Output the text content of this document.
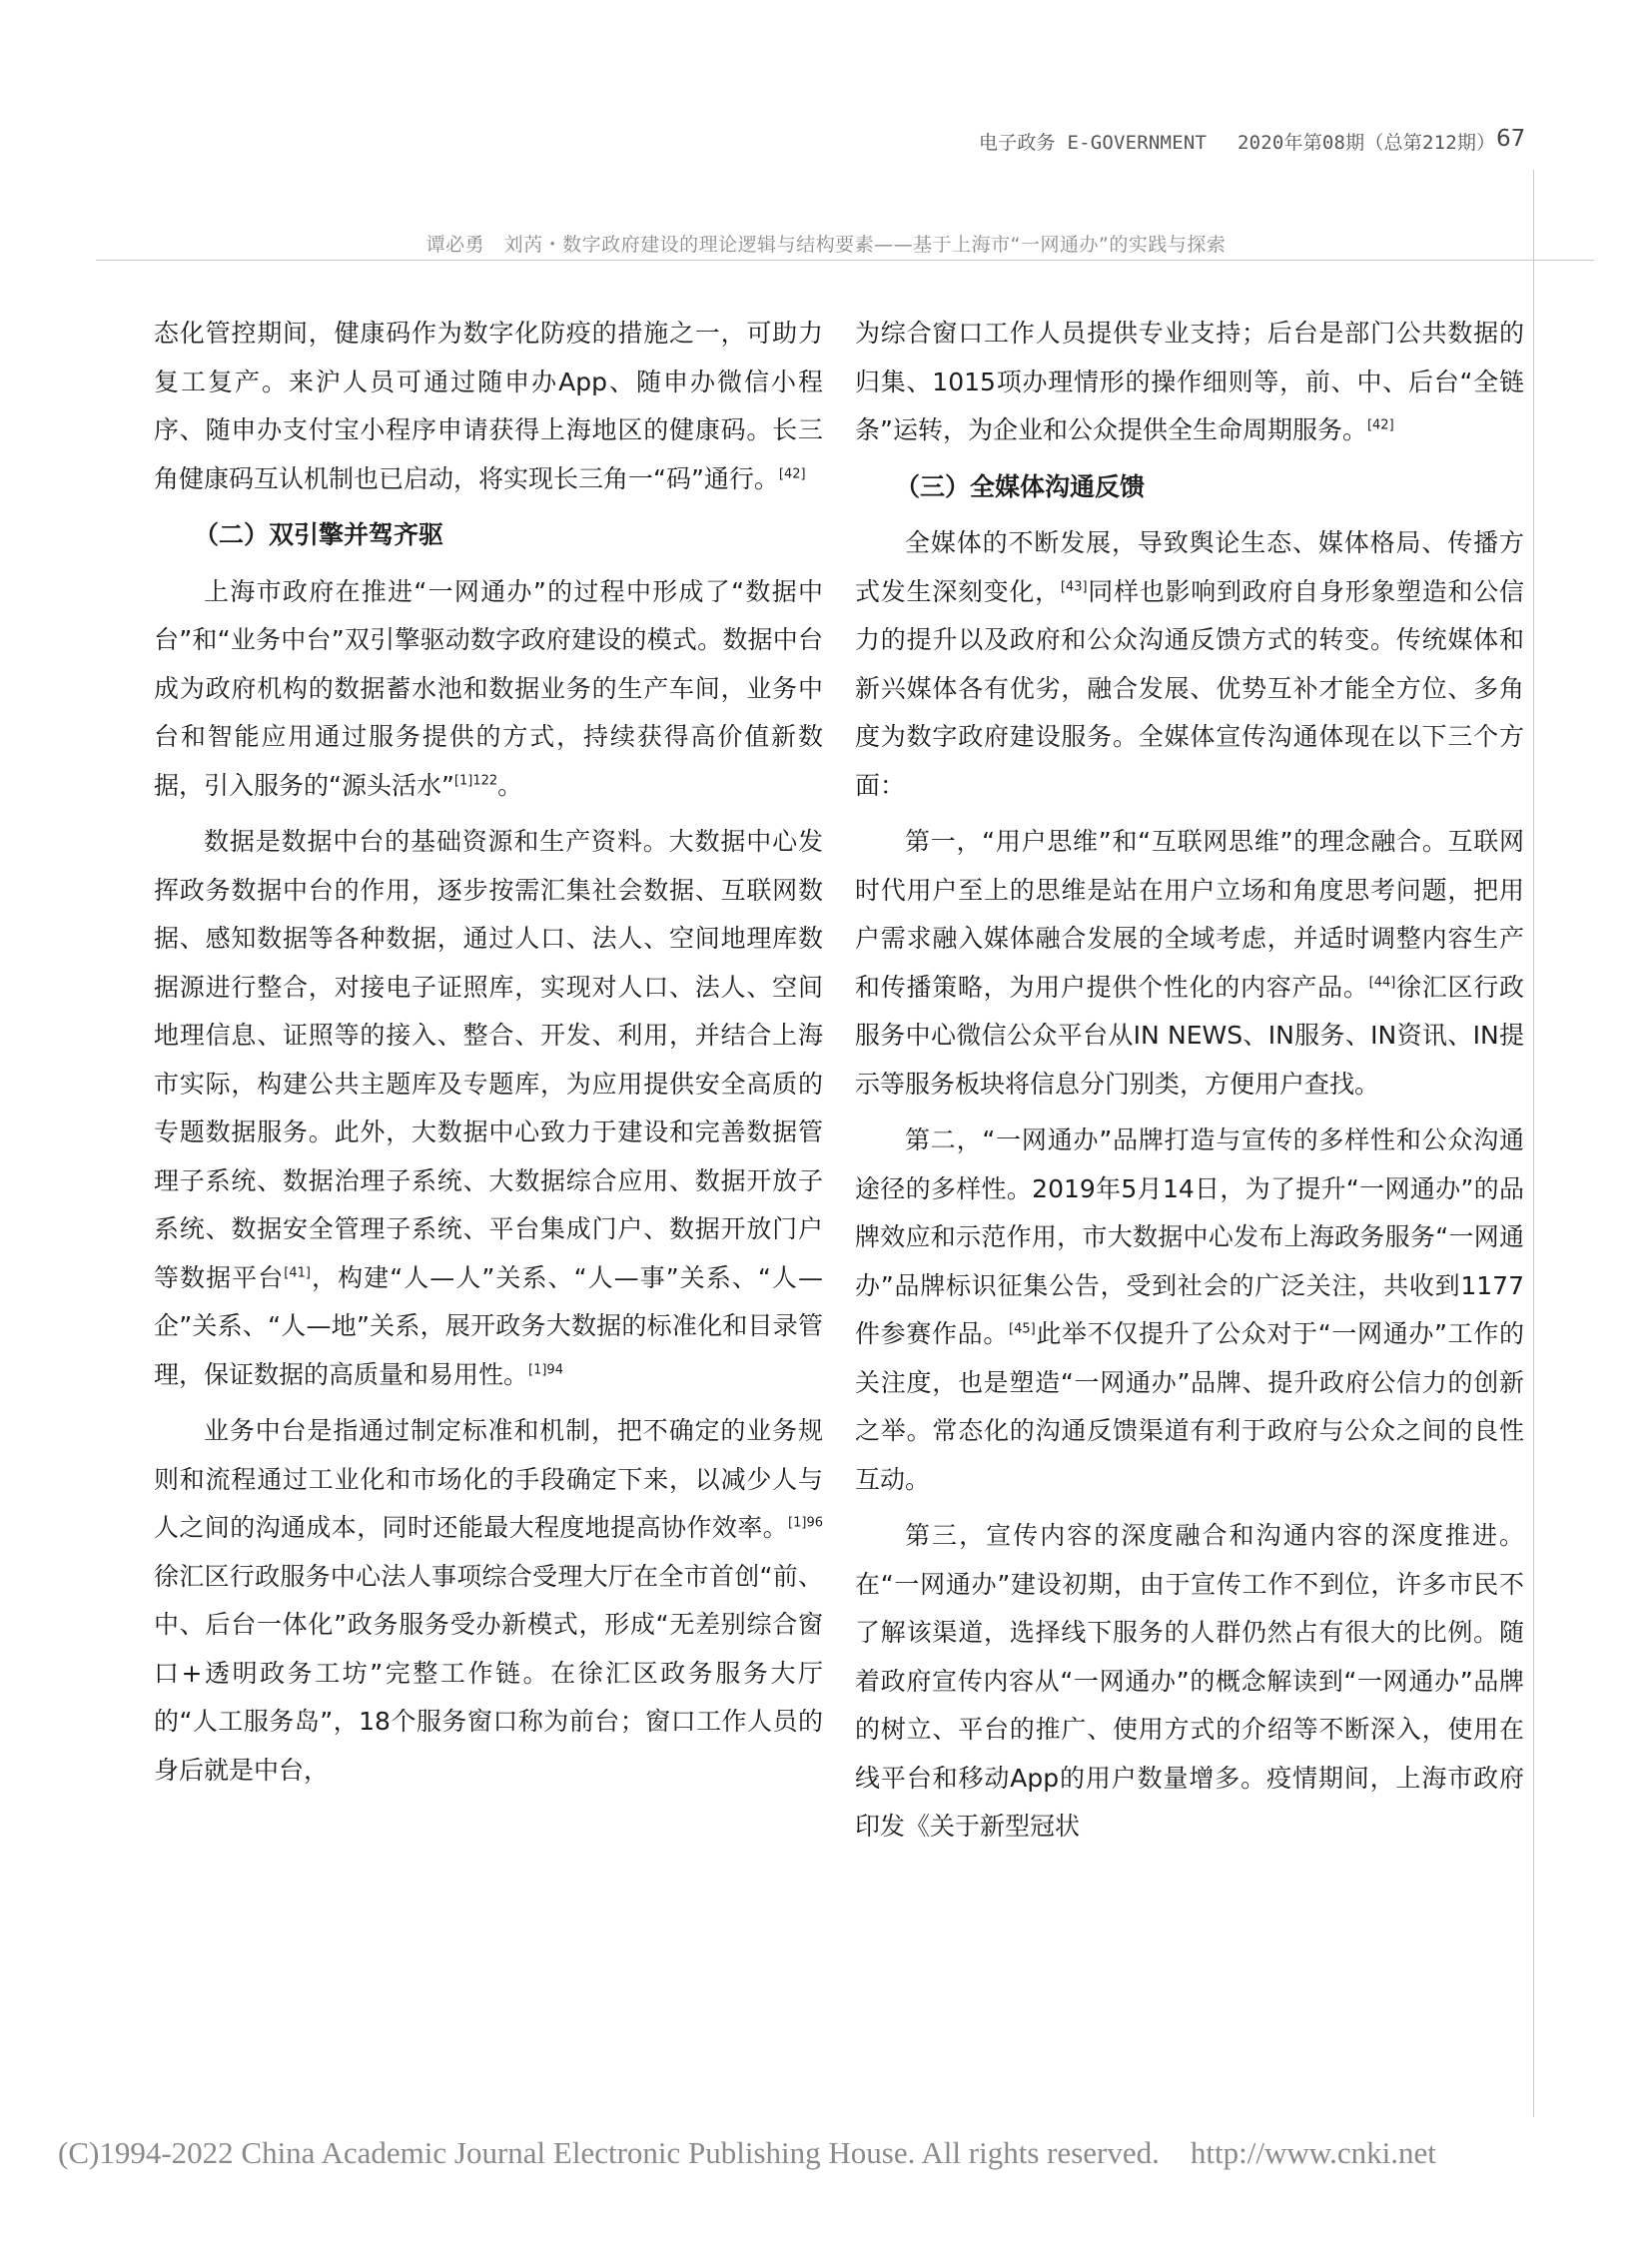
电子政务 E-GOVERNMENT　 2020年第08期（总第212期） 67
谭必勇　刘芮・数字政府建设的理论逻辑与结构要素——基于上海市“一网通办”的实践与探索

态化管控期间，健康码作为数字化防疫的措施之一，可助力复工复产。来沪人员可通过随申办App、随申办微信小程序、随申办支付宝小程序申请获得上海地区的健康码。长三角健康码互认机制也已启动，将实现长三角一“码”通行。[42]

（二）双引擎并驾齐驱

上海市政府在推进“一网通办”的过程中形成了“数据中台”和“业务中台”双引擎驱动数字政府建设的模式。数据中台成为政府机构的数据蓄水池和数据业务的生产车间，业务中台和智能应用通过服务提供的方式，持续获得高价值新数据，引入服务的“源头活水”$^{[1]122}$。

数据是数据中台的基础资源和生产资料。大数据中心发挥政务数据中台的作用，逐步按需汇集社会数据、互联网数据、感知数据等各种数据，通过人口、法人、空间地理库数据源进行整合，对接电子证照库，实现对人口、法人、空间地理信息、证照等的接入、整合、开发、利用，并结合上海市实际，构建公共主题库及专题库，为应用提供安全高质的专题数据服务。此外，大数据中心致力于建设和完善数据管理子系统、数据治理子系统、大数据综合应用、数据开放子系统、数据安全管理子系统、平台集成门户、数据开放门户等数据平台[41]，构建“人—人”关系、“人—事”关系、“人—企”关系、“人—地”关系，展开政务大数据的标准化和目录管理，保证数据的高质量和易用性。$^{[1]94}$

业务中台是指通过制定标准和机制，把不确定的业务规则和流程通过工业化和市场化的手段确定下来，以减少人与人之间的沟通成本，同时还能最大程度地提高协作效率。$^{[1]96}$徐汇区行政服务中心法人事项综合受理大厅在全市首创“前、中、后台一体化”政务服务受办新模式，形成“无差别综合窗口+透明政务工坊”完整工作链。在徐汇区政务服务大厅的“人工服务岛”，18个服务窗口称为前台；窗口工作人员的身后就是中台，

为综合窗口工作人员提供专业支持；后台是部门公共数据的归集、1015项办理情形的操作细则等，前、中、后台“全链条”运转，为企业和公众提供全生命周期服务。[42]

（三）全媒体沟通反馈

全媒体的不断发展，导致舆论生态、媒体格局、传播方式发生深刻变化，[43]同样也影响到政府自身形象塑造和公信力的提升以及政府和公众沟通反馈方式的转变。传统媒体和新兴媒体各有优劣，融合发展、优势互补才能全方位、多角度为数字政府建设服务。全媒体宣传沟通体现在以下三个方面：

第一，“用户思维”和“互联网思维”的理念融合。互联网时代用户至上的思维是站在用户立场和角度思考问题，把用户需求融入媒体融合发展的全域考虑，并适时调整内容生产和传播策略，为用户提供个性化的内容产品。[44]徐汇区行政服务中心微信公众平台从IN NEWS、IN服务、IN资讯、IN提示等服务板块将信息分门别类，方便用户查找。

第二，“一网通办”品牌打造与宣传的多样性和公众沟通途径的多样性。2019年5月14日，为了提升“一网通办”的品牌效应和示范作用，市大数据中心发布上海政务服务“一网通办”品牌标识征集公告，受到社会的广泛关注，共收到1177件参赛作品。[45]此举不仅提升了公众对于“一网通办”工作的关注度，也是塑造“一网通办”品牌、提升政府公信力的创新之举。常态化的沟通反馈渠道有利于政府与公众之间的良性互动。

第三，宣传内容的深度融合和沟通内容的深度推进。在“一网通办”建设初期，由于宣传工作不到位，许多市民不了解该渠道，选择线下服务的人群仍然占有很大的比例。随着政府宣传内容从“一网通办”的概念解读到“一网通办”品牌的树立、平台的推广、使用方式的介绍等不断深入，使用在线平台和移动App的用户数量增多。疫情期间，上海市政府印发《关于新型冠状

(C)1994-2022 China Academic Journal Electronic Publishing House. All rights reserved.　http://www.cnki.net
